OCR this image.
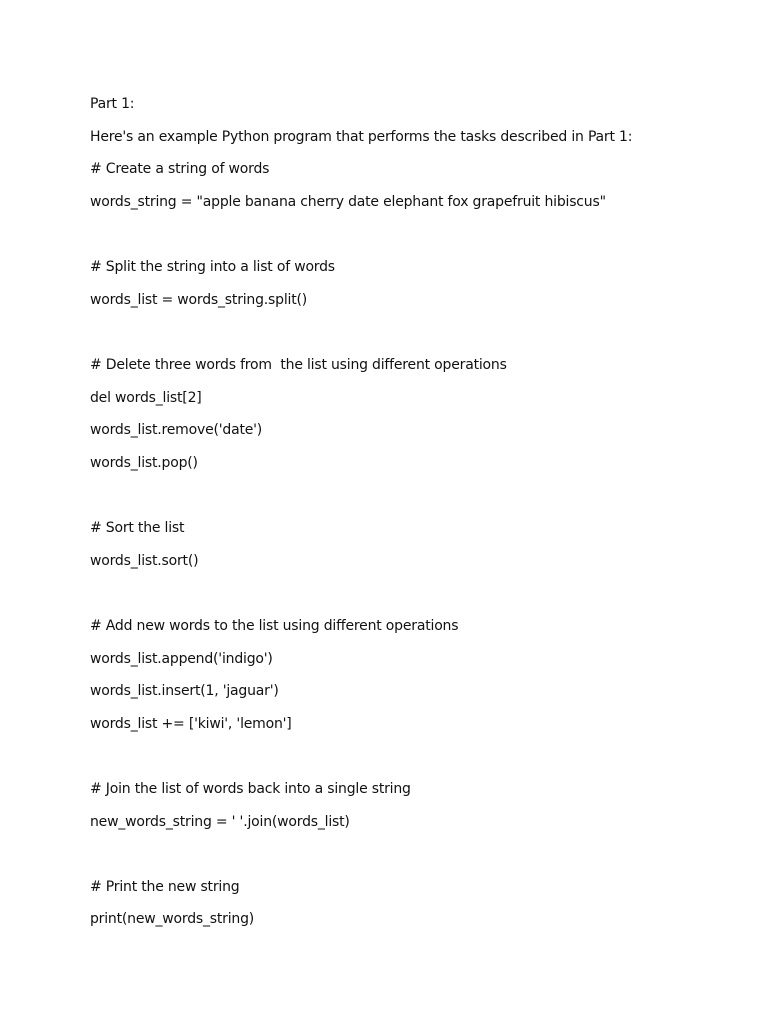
Part 1:
Here's an example Python program that performs the tasks described in Part 1:
# Create a string of words
words_string = "apple banana cherry date elephant fox grapefruit hibiscus"
# Split the string into a list of words
words_list = words_string.split()
# Delete three words from  the list using different operations
del words_list[2]
words_list.remove('date')
words_list.pop()
# Sort the list
words_list.sort()
# Add new words to the list using different operations
words_list.append('indigo')
words_list.insert(1, 'jaguar')
words_list += ['kiwi', 'lemon']
# Join the list of words back into a single string
new_words_string = ' '.join(words_list)
# Print the new string
print(new_words_string)
